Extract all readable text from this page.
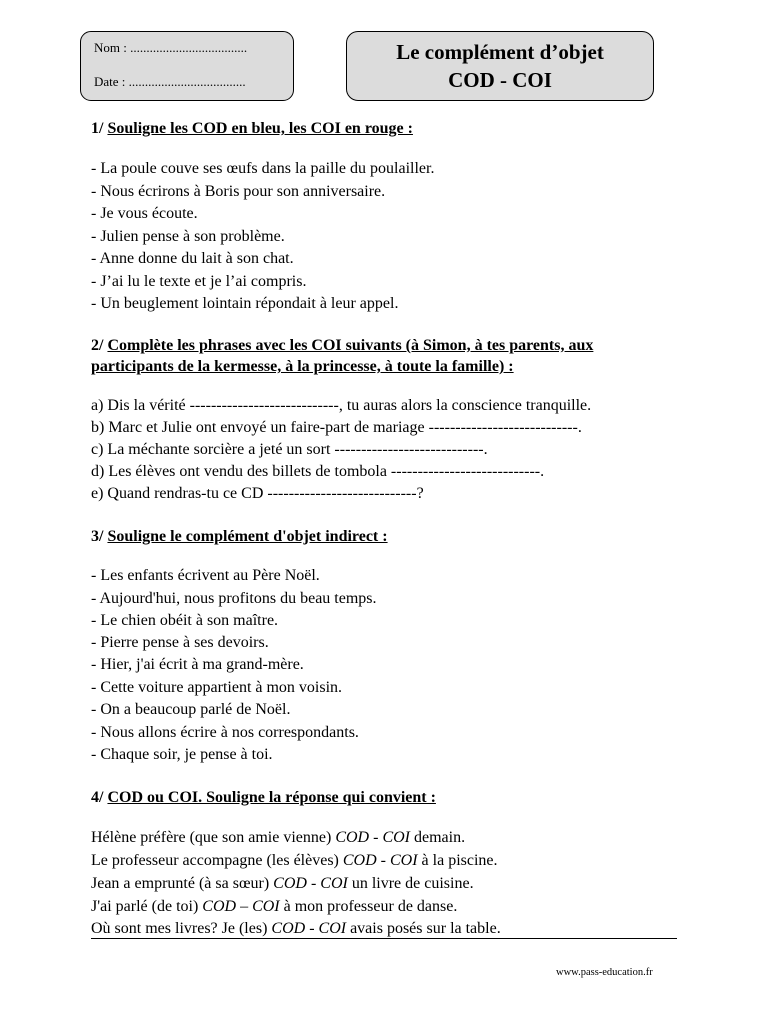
Nom : ....................................
Date : ....................................
Le complément d’objet
COD - COI
1/ Souligne les COD en bleu, les COI en rouge :
- La poule couve ses œufs dans la paille du poulailler.
- Nous écrirons à Boris pour son anniversaire.
- Je vous écoute.
- Julien pense à son problème.
- Anne donne du lait à son chat.
- J’ai lu le texte et je l’ai compris.
- Un beuglement lointain répondait à leur appel.
2/ Complète les phrases avec les COI suivants (à Simon, à tes parents, aux
participants de la kermesse, à la princesse, à toute la famille) :
a) Dis la vérité ----------------------------, tu auras alors la conscience tranquille.
b) Marc et Julie ont envoyé un faire-part de mariage ----------------------------.
c) La méchante sorcière a jeté un sort ----------------------------.
d) Les élèves ont vendu des billets de tombola ----------------------------.
e) Quand rendras-tu ce CD ----------------------------?
3/ Souligne le complément d'objet indirect :
- Les enfants écrivent au Père Noël.
- Aujourd'hui, nous profitons du beau temps.
- Le chien obéit à son maître.
- Pierre pense à ses devoirs.
- Hier, j'ai écrit à ma grand-mère.
- Cette voiture appartient à mon voisin.
- On a beaucoup parlé de Noël.
- Nous allons écrire à nos correspondants.
- Chaque soir, je pense à toi.
4/ COD ou COI. Souligne la réponse qui convient :
Hélène préfère (que son amie vienne) COD - COI demain.
Le professeur accompagne (les élèves) COD - COI à la piscine.
Jean a emprunté (à sa sœur) COD - COI un livre de cuisine.
J'ai parlé (de toi) COD – COI à mon professeur de danse.
Où sont mes livres? Je (les) COD - COI avais posés sur la table.
www.pass-education.fr
